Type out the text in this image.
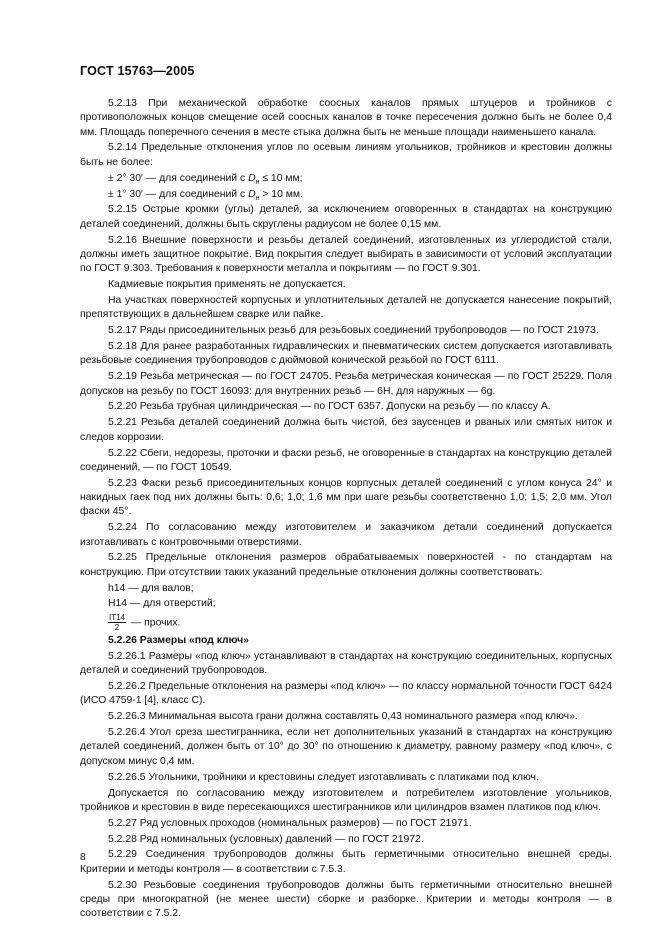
ГОСТ 15763—2005

5.2.13 При механической обработке соосных каналов прямых штуцеров и тройников с противоположных концов смещение осей соосных каналов в точке пересечения должно быть не более 0,4 мм. Площадь поперечного сечения в месте стыка должна быть не меньше площади наименьшего канала.

5.2.14 Предельные отклонения углов по осевым линиям угольников, тройников и крестовин должны быть не более:

± 2° 30′ — для соединений с $D_н \le 10$ мм;

± 1° 30′ — для соединений с $D_н > 10$ мм.

5.2.15 Острые кромки (углы) деталей, за исключением оговоренных в стандартах на конструкцию деталей соединений, должны быть скруглены радиусом не более 0,15 мм.

5.2.16 Внешние поверхности и резьбы деталей соединений, изготовленных из углеродистой стали, должны иметь защитное покрытие. Вид покрытия следует выбирать в зависимости от условий эксплуатации по ГОСТ 9.303. Требования к поверхности металла и покрытиям — по ГОСТ 9.301.

Кадмиевые покрытия применять не допускается.

На участках поверхностей корпусных и уплотнительных деталей не допускается нанесение покрытий, препятствующих в дальнейшем сварке или пайке.

5.2.17 Ряды присоединительных резьб для резьбовых соединений трубопроводов — по ГОСТ 21973.

5.2.18 Для ранее разработанных гидравлических и пневматических систем допускается изготавливать резьбовые соединения трубопроводов с дюймовой конической резьбой по ГОСТ 6111.

5.2.19 Резьба метрическая — по ГОСТ 24705. Резьба метрическая коническая — по ГОСТ 25229. Поля допусков на резьбу по ГОСТ 16093: для внутренних резьб — 6Н, для наружных — 6g.

5.2.20 Резьба трубная цилиндрическая — по ГОСТ 6357. Допуски на резьбу — по классу А.

5.2.21 Резьба деталей соединений должна быть чистой, без заусенцев и рваных или смятых ниток и следов коррозии.

5.2.22 Сбеги, недорезы, проточки и фаски резьб, не оговоренные в стандартах на конструкцию деталей соединений, — по ГОСТ 10549.

5.2.23 Фаски резьб присоединительных концов корпусных деталей соединений с углом конуса 24° и накидных гаек под них должны быть: 0,6; 1,0; 1,6 мм при шаге резьбы соответственно 1,0; 1,5; 2,0 мм. Угол фаски 45°.

5.2.24 По согласованию между изготовителем и заказчиком детали соединений допускается изготавливать с контровочными отверстиями.

5.2.25 Предельные отклонения размеров обрабатываемых поверхностей - по стандартам на конструкцию. При отсутствии таких указаний предельные отклонения должны соответствовать:

h14 — для валов;

H14 — для отверстий;

$\frac{IT14}{2}$ — прочих.

5.2.26 Размеры «под ключ»

5.2.26.1 Размеры «под ключ» устанавливают в стандартах на конструкцию соединительных, корпусных деталей и соединений трубопроводов.

5.2.26.2 Предельные отклонения на размеры «под ключ» — по классу нормальной точности ГОСТ 6424 (ИСО 4759-1 [4], класс С).

5.2.26.3 Минимальная высота грани должна составлять 0,43 номинального размера «под ключ».

5.2.26.4 Угол среза шестигранника, если нет дополнительных указаний в стандартах на конструкцию деталей соединений, должен быть от 10° до 30° по отношению к диаметру, равному размеру «под ключ», с допуском минус 0,4 мм.

5.2.26.5 Угольники, тройники и крестовины следует изготавливать с платиками под ключ.

Допускается по согласованию между изготовителем и потребителем изготовление угольников, тройников и крестовин в виде пересекающихся шестигранников или цилиндров взамен платиков под ключ.

5.2.27 Ряд условных проходов (номинальных размеров) — по ГОСТ 21971.

5.2.28 Ряд номинальных (условных) давлений — по ГОСТ 21972.

5.2.29 Соединения трубопроводов должны быть герметичными относительно внешней среды. Критерии и методы контроля — в соответствии с 7.5.3.

5.2.30 Резьбовые соединения трубопроводов должны быть герметичными относительно внешней среды при многократной (не менее шести) сборке и разборке. Критерии и методы контроля — в соответствии с 7.5.2.

8
